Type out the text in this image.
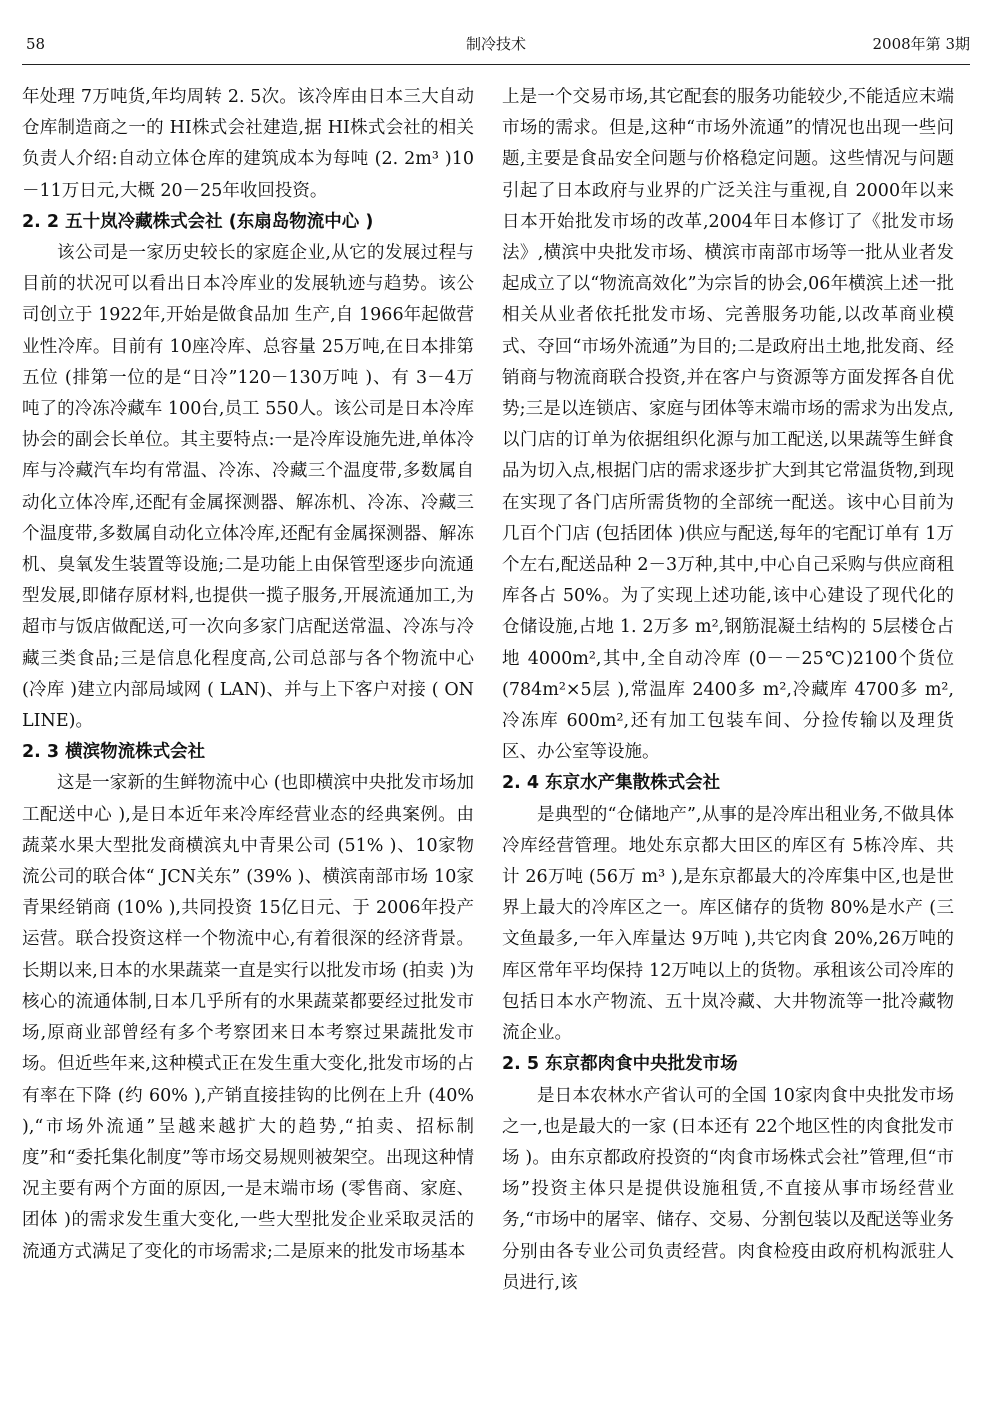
58	制冷技术	2008年第 3期

年处理 7万吨货,年均周转 2. 5次。该冷库由日本三大自动仓库制造商之一的 HI株式会社建造,据 HI株式会社的相关负责人介绍:自动立体仓库的建筑成本为每吨 (2. 2m³ )10－11万日元,大概 20－25年收回投资。

2. 2 五十岚冷藏株式会社 (东扇岛物流中心 )

该公司是一家历史较长的家庭企业,从它的发展过程与目前的状况可以看出日本冷库业的发展轨迹与趋势。该公司创立于 1922年,开始是做食品加 生产,自 1966年起做营业性冷库。目前有 10座冷库、总容量 25万吨,在日本排第五位 (排第一位的是“日冷”120－130万吨 )、有 3－4万吨了的冷冻冷藏车 100台,员工 550人。该公司是日本冷库协会的副会长单位。其主要特点:一是冷库设施先进,单体冷库与冷藏汽车均有常温、冷冻、冷藏三个温度带,多数属自动化立体冷库,还配有金属探测器、解冻机、冷冻、冷藏三个温度带,多数属自动化立体冷库,还配有金属探测器、解冻机、臭氧发生装置等设施;二是功能上由保管型逐步向流通型发展,即储存原材料,也提供一揽子服务,开展流通加工,为超市与饭店做配送,可一次向多家门店配送常温、冷冻与冷藏三类食品;三是信息化程度高,公司总部与各个物流中心 (冷库 )建立内部局域网 ( LAN)、并与上下客户对接 ( ON LINE)。

2. 3 横滨物流株式会社

这是一家新的生鲜物流中心 (也即横滨中央批发市场加工配送中心 ),是日本近年来冷库经营业态的经典案例。由蔬菜水果大型批发商横滨丸中青果公司 (51% )、10家物流公司的联合体“ JCN关东” (39% )、横滨南部市场 10家青果经销商 (10% ),共同投资 15亿日元、于 2006年投产运营。联合投资这样一个物流中心,有着很深的经济背景。长期以来,日本的水果蔬菜一直是实行以批发市场 (拍卖 )为核心的流通体制,日本几乎所有的水果蔬菜都要经过批发市场,原商业部曾经有多个考察团来日本考察过果蔬批发市场。但近些年来,这种模式正在发生重大变化,批发市场的占有率在下降 (约 60% ),产销直接挂钩的比例在上升 (40% ),“市场外流通”呈越来越扩大的趋势,“拍卖、招标制度”和“委托集化制度”等市场交易规则被架空。出现这种情况主要有两个方面的原因,一是末端市场 (零售商、家庭、团体 )的需求发生重大变化,一些大型批发企业采取灵活的流通方式满足了变化的市场需求;二是原来的批发市场基本

上是一个交易市场,其它配套的服务功能较少,不能适应末端市场的需求。但是,这种“市场外流通”的情况也出现一些问题,主要是食品安全问题与价格稳定问题。这些情况与问题引起了日本政府与业界的广泛关注与重视,自 2000年以来日本开始批发市场的改革,2004年日本修订了《批发市场法》,横滨中央批发市场、横滨市南部市场等一批从业者发起成立了以“物流高效化”为宗旨的协会,06年横滨上述一批相关从业者依托批发市场、完善服务功能,以改革商业模式、夺回“市场外流通”为目的;二是政府出土地,批发商、经销商与物流商联合投资,并在客户与资源等方面发挥各自优势;三是以连锁店、家庭与团体等末端市场的需求为出发点,以门店的订单为依据组织化源与加工配送,以果蔬等生鲜食品为切入点,根据门店的需求逐步扩大到其它常温货物,到现在实现了各门店所需货物的全部统一配送。该中心目前为几百个门店 (包括团体 )供应与配送,每年的宅配订单有 1万个左右,配送品种 2－3万种,其中,中心自己采购与供应商租库各占 50%。为了实现上述功能,该中心建设了现代化的仓储设施,占地 1. 2万多 m²,钢筋混凝土结构的 5层楼仓占地 4000m²,其中,全自动冷库 (0－－25℃)2100个货位 (784m²×5层 ),常温库 2400多 m²,冷藏库 4700多 m²,冷冻库 600m²,还有加工包装车间、分捡传输以及理货区、办公室等设施。

2. 4 东京水产集散株式会社

是典型的“仓储地产”,从事的是冷库出租业务,不做具体冷库经营管理。地处东京都大田区的库区有 5栋冷库、共计 26万吨 (56万 m³ ),是东京都最大的冷库集中区,也是世界上最大的冷库区之一。库区储存的货物 80%是水产 (三文鱼最多,一年入库量达 9万吨 ),共它肉食 20%,26万吨的库区常年平均保持 12万吨以上的货物。承租该公司冷库的包括日本水产物流、五十岚冷藏、大井物流等一批冷藏物流企业。

2. 5 东京都肉食中央批发市场

是日本农林水产省认可的全国 10家肉食中央批发市场之一,也是最大的一家 (日本还有 22个地区性的肉食批发市场 )。由东京都政府投资的“肉食市场株式会社”管理,但“市场”投资主体只是提供设施租赁,不直接从事市场经营业务,“市场中的屠宰、储存、交易、分割包装以及配送等业务分别由各专业公司负责经营。肉食检疫由政府机构派驻人员进行,该
